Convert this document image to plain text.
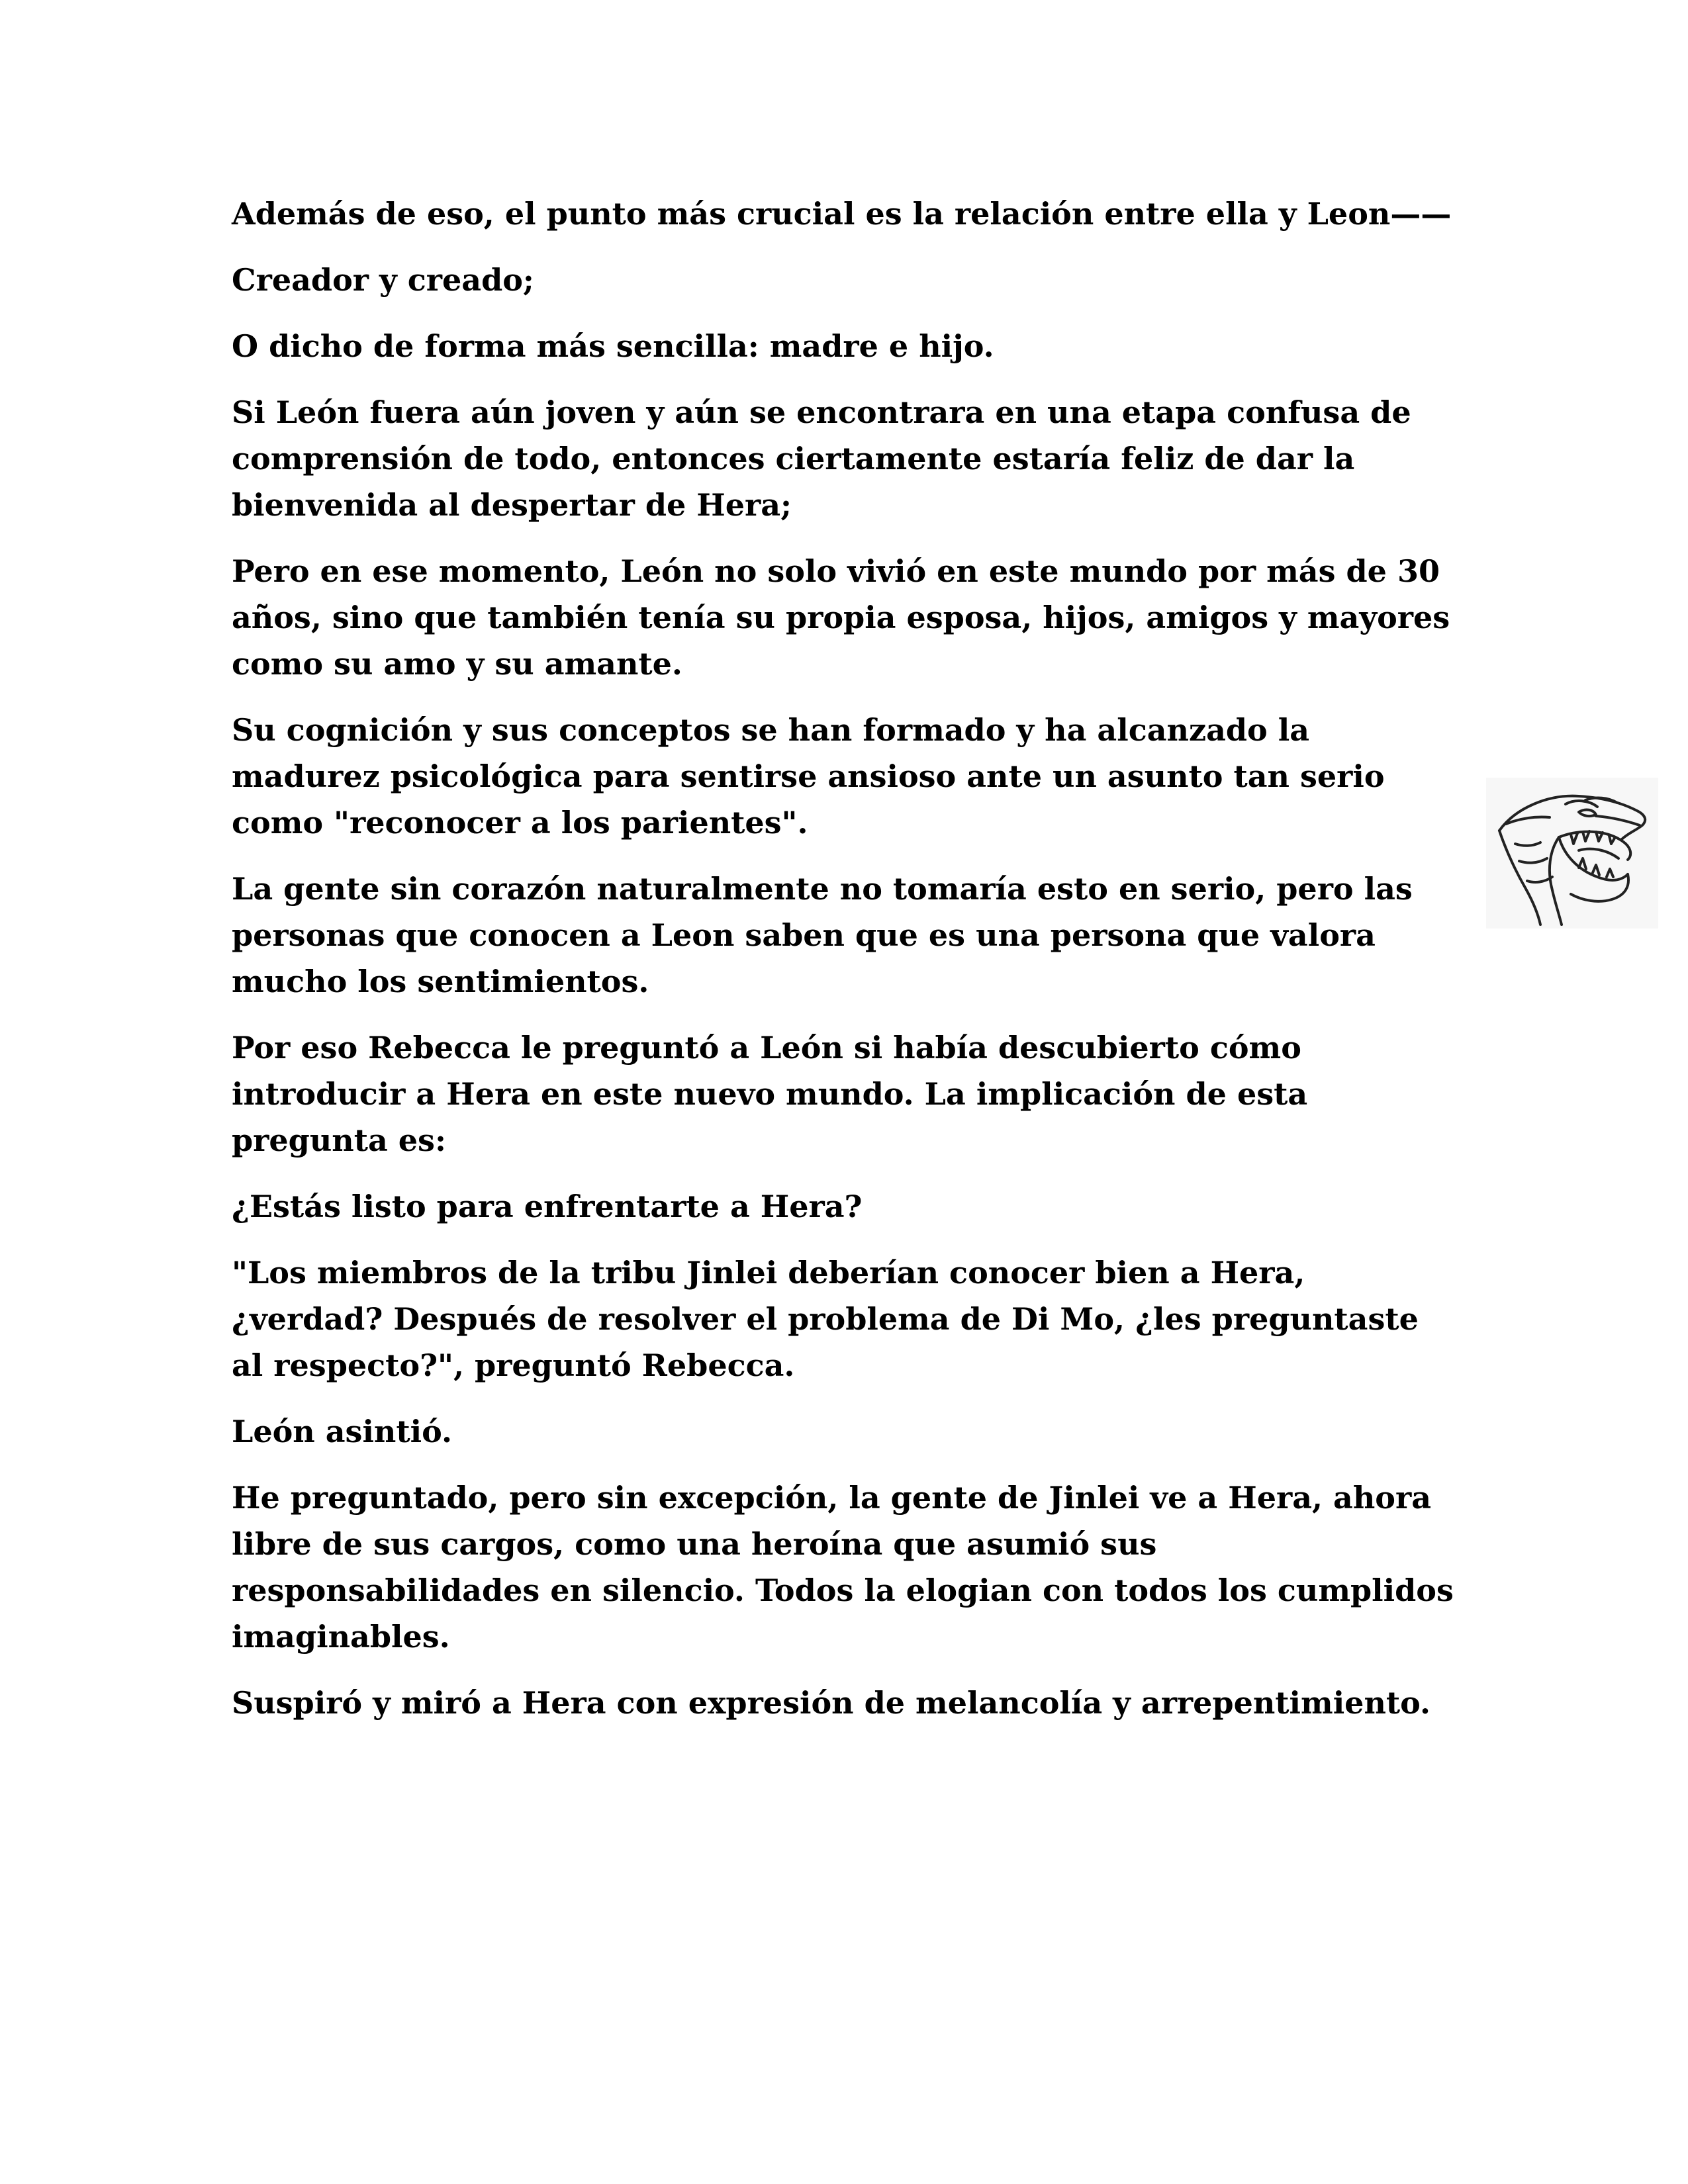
Además de eso, el punto más crucial es la relación entre ella y Leon——

Creador y creado;

O dicho de forma más sencilla: madre e hijo.

Si León fuera aún joven y aún se encontrara en una etapa confusa de comprensión de todo, entonces ciertamente estaría feliz de dar la bienvenida al despertar de Hera;

Pero en ese momento, León no solo vivió en este mundo por más de 30 años, sino que también tenía su propia esposa, hijos, amigos y mayores como su amo y su amante.

Su cognición y sus conceptos se han formado y ha alcanzado la madurez psicológica para sentirse ansioso ante un asunto tan serio como "reconocer a los parientes".

La gente sin corazón naturalmente no tomaría esto en serio, pero las personas que conocen a Leon saben que es una persona que valora mucho los sentimientos.

Por eso Rebecca le preguntó a León si había descubierto cómo introducir a Hera en este nuevo mundo. La implicación de esta pregunta es:

¿Estás listo para enfrentarte a Hera?

"Los miembros de la tribu Jinlei deberían conocer bien a Hera, ¿verdad? Después de resolver el problema de Di Mo, ¿les preguntaste al respecto?", preguntó Rebecca.

León asintió.

He preguntado, pero sin excepción, la gente de Jinlei ve a Hera, ahora libre de sus cargos, como una heroína que asumió sus responsabilidades en silencio. Todos la elogian con todos los cumplidos imaginables.

Suspiró y miró a Hera con expresión de melancolía y arrepentimiento.
